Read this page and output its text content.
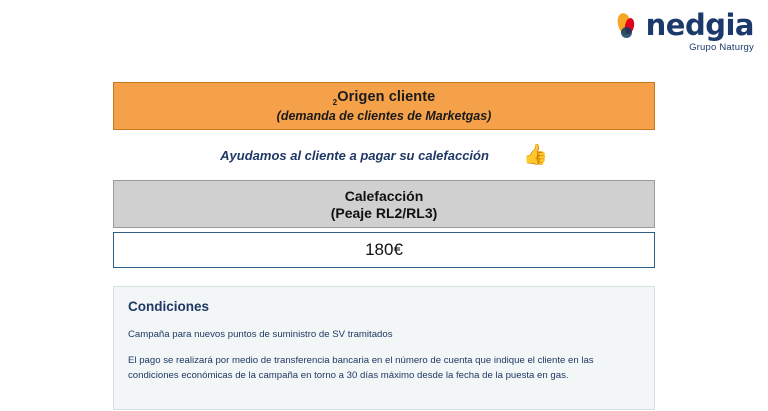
nedgia
Grupo Naturgy
$_2$Origen cliente
(demanda de clientes de Marketgas)
Ayudamos al cliente a pagar su calefacción 👍
Calefacción
(Peaje RL2/RL3)
180€
Condiciones

Campaña para nuevos puntos de suministro de SV tramitados

El pago se realizará por medio de transferencia bancaria en el número de cuenta que indique el cliente en las condiciones económicas de la campaña en torno a 30 días máximo desde la fecha de la puesta en gas.
